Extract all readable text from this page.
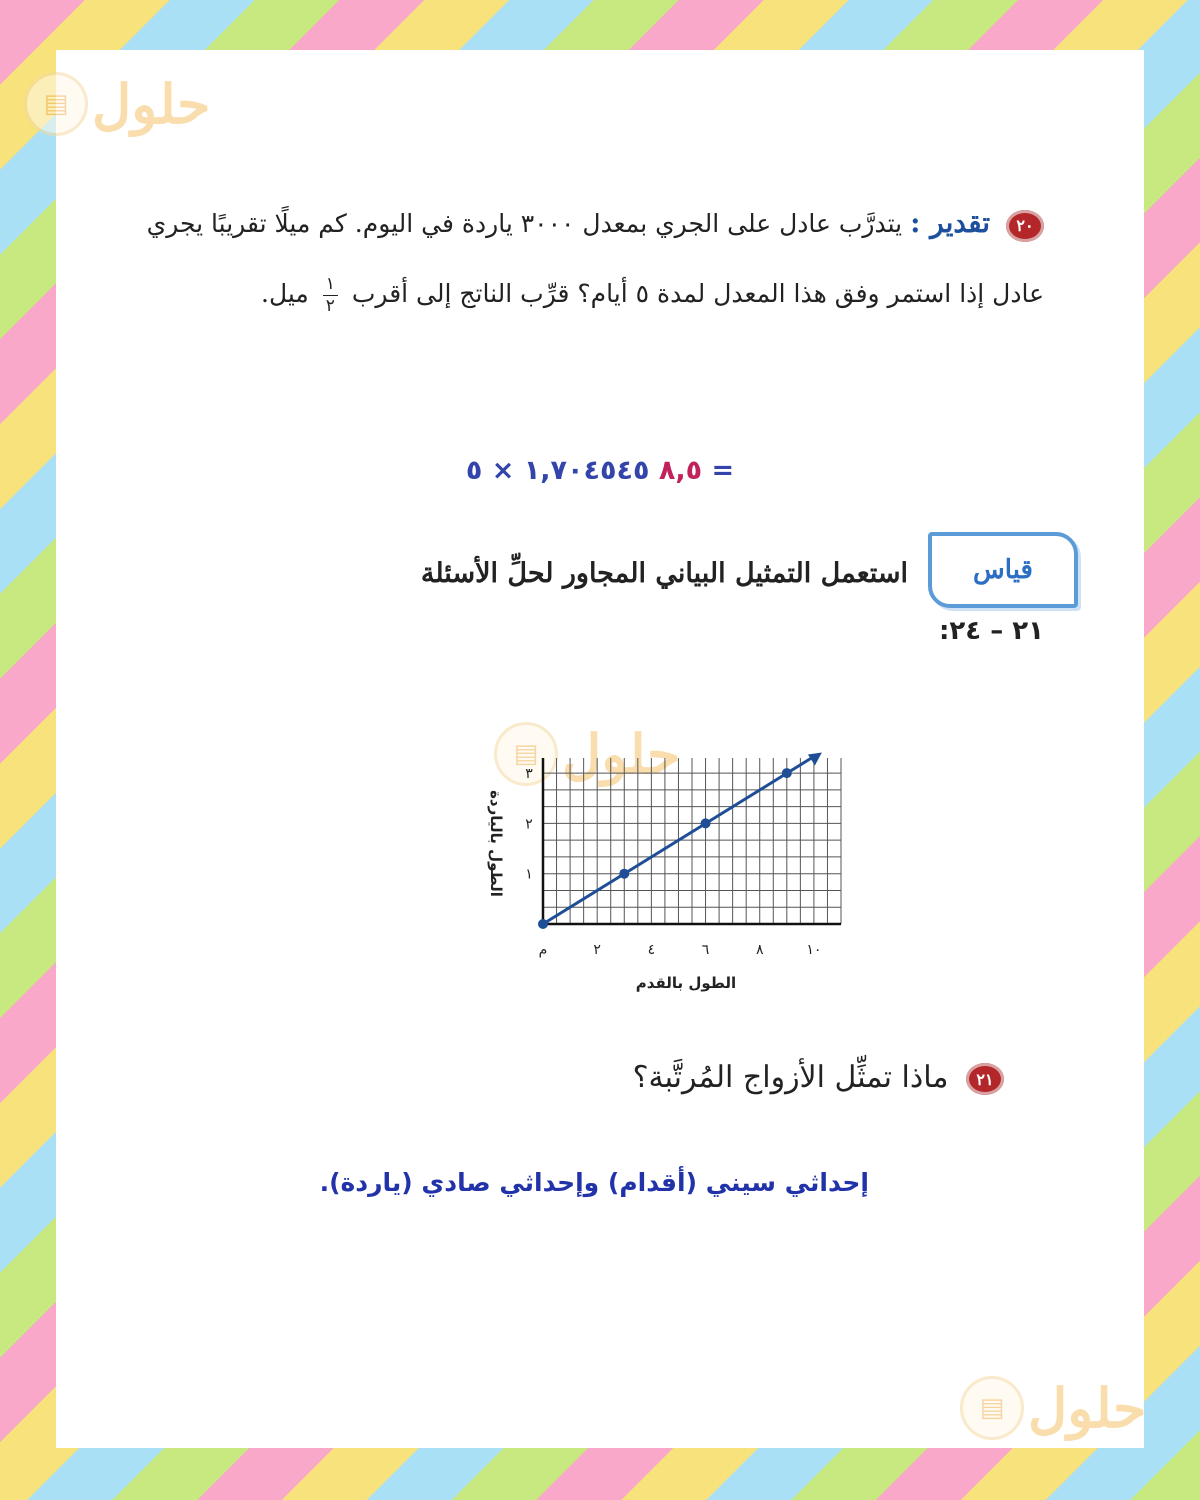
▤ حلول
٢٠ تقدير : يتدرَّب عادل على الجري بمعدل ٣٠٠٠ ياردة في اليوم. كم ميلًا تقريبًا يجري
عادل إذا استمر وفق هذا المعدل لمدة ٥ أيام؟ قرِّب الناتج إلى أقرب
$\frac{١}{٢}$
ميل.
٨,٥ ١,٧٠٤٥٤٥ × ٥ =
قياس
استعمل التمثيل البياني المجاور لحلِّ الأسئلة
٢١ – ٢٤:
▤ حلول
م	٢	٤	٦	٨	١٠
١
٢
٣
الطول بالقدم
الطول بالياردة
٢١ ماذا تمثِّل الأزواج المُرتَّبة؟
إحداثي سيني (أقدام) وإحداثي صادي (ياردة).
▤ حلول
